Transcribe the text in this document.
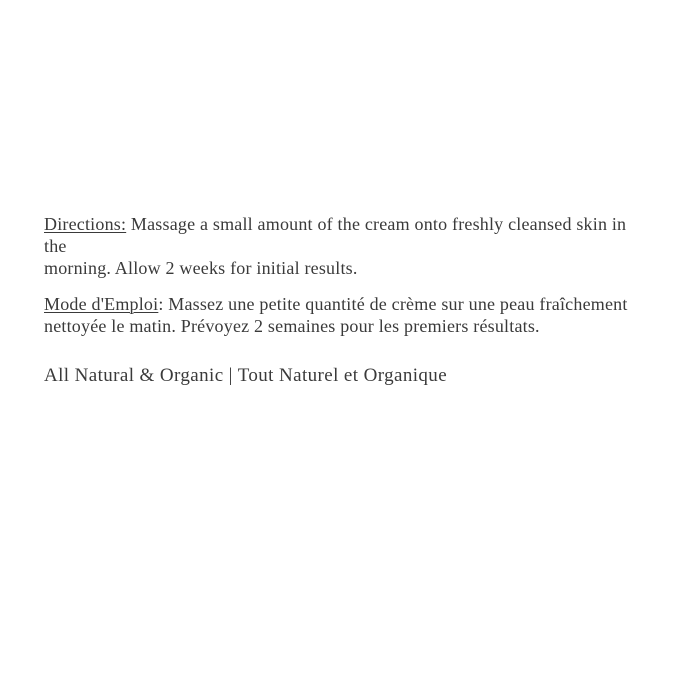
Directions: Massage a small amount of the cream onto freshly cleansed skin in the
morning. Allow 2 weeks for initial results.

Mode d'Emploi: Massez une petite quantité de crème sur une peau fraîchement
nettoyée le matin. Prévoyez 2 semaines pour les premiers résultats.

All Natural & Organic | Tout Naturel et Organique
